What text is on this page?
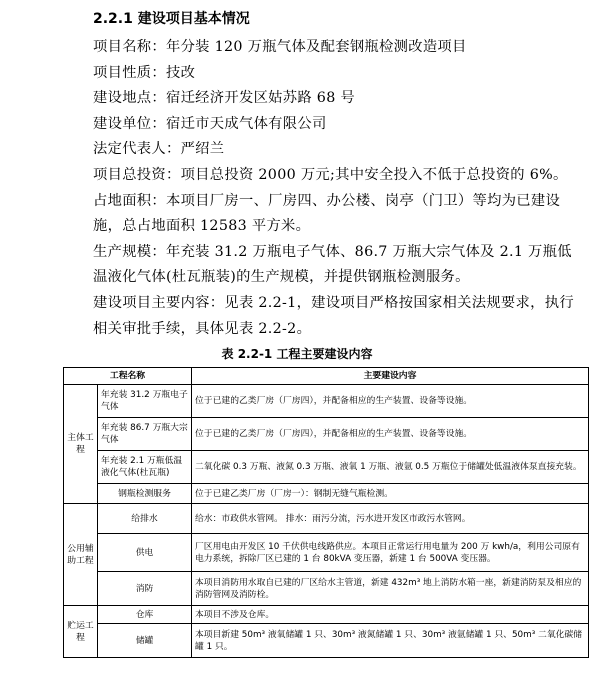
2.2.1 建设项目基本情况
项目名称：年分装 120 万瓶气体及配套钢瓶检测改造项目
项目性质：技改
建设地点：宿迁经济开发区姑苏路 68 号
建设单位：宿迁市天成气体有限公司
法定代表人：严绍兰
项目总投资：项目总投资 2000 万元;其中安全投入不低于总投资的 6%。
占地面积：本项目厂房一、厂房四、办公楼、岗亭（门卫）等均为已建设施，总占地面积 12583 平方米。
生产规模：年充装 31.2 万瓶电子气体、86.7 万瓶大宗气体及 2.1 万瓶低温液化气体(杜瓦瓶装)的生产规模，并提供钢瓶检测服务。
建设项目主要内容：见表 2.2-1，建设项目严格按国家相关法规要求，执行相关审批手续，具体见表 2.2-2。
表 2.2-1 工程主要建设内容
工程名称		主要建设内容
主体工程	年充装 31.2 万瓶电子气体	位于已建的乙类厂房（厂房四），并配备相应的生产装置、设备等设施。
	年充装 86.7 万瓶大宗气体	位于已建的乙类厂房（厂房四），并配备相应的生产装置、设备等设施。
	年充装 2.1 万瓶低温液化气体(杜瓦瓶)	二氧化碳 0.3 万瓶、液氮 0.3 万瓶、液氧 1 万瓶、液氩 0.5 万瓶位于储罐处低温液体泵直接充装。
	钢瓶检测服务	位于已建乙类厂房（厂房一）：钢制无缝气瓶检测。
公用辅助工程	给排水	给水：市政供水管网。 排水：雨污分流，污水进开发区市政污水管网。
	供电	厂区用电由开发区 10 千伏供电线路供应。本项目正常运行用电量为 200 万 kwh/a，利用公司原有电力系统，拆除厂区已建的 1 台 80kVA 变压器，新建 1 台 500VA 变压器。
	消防	本项目消防用水取自已建的厂区给水主管道，新建 432m³ 地上消防水箱一座，新建消防泵及相应的消防管网及消防栓。
贮运工程	仓库	本项目不涉及仓库。
	储罐	本项目新建 50m³ 液氧储罐 1 只、30m³ 液氮储罐 1 只、30m³ 液氩储罐 1 只、50m³ 二氧化碳储罐 1 只。
